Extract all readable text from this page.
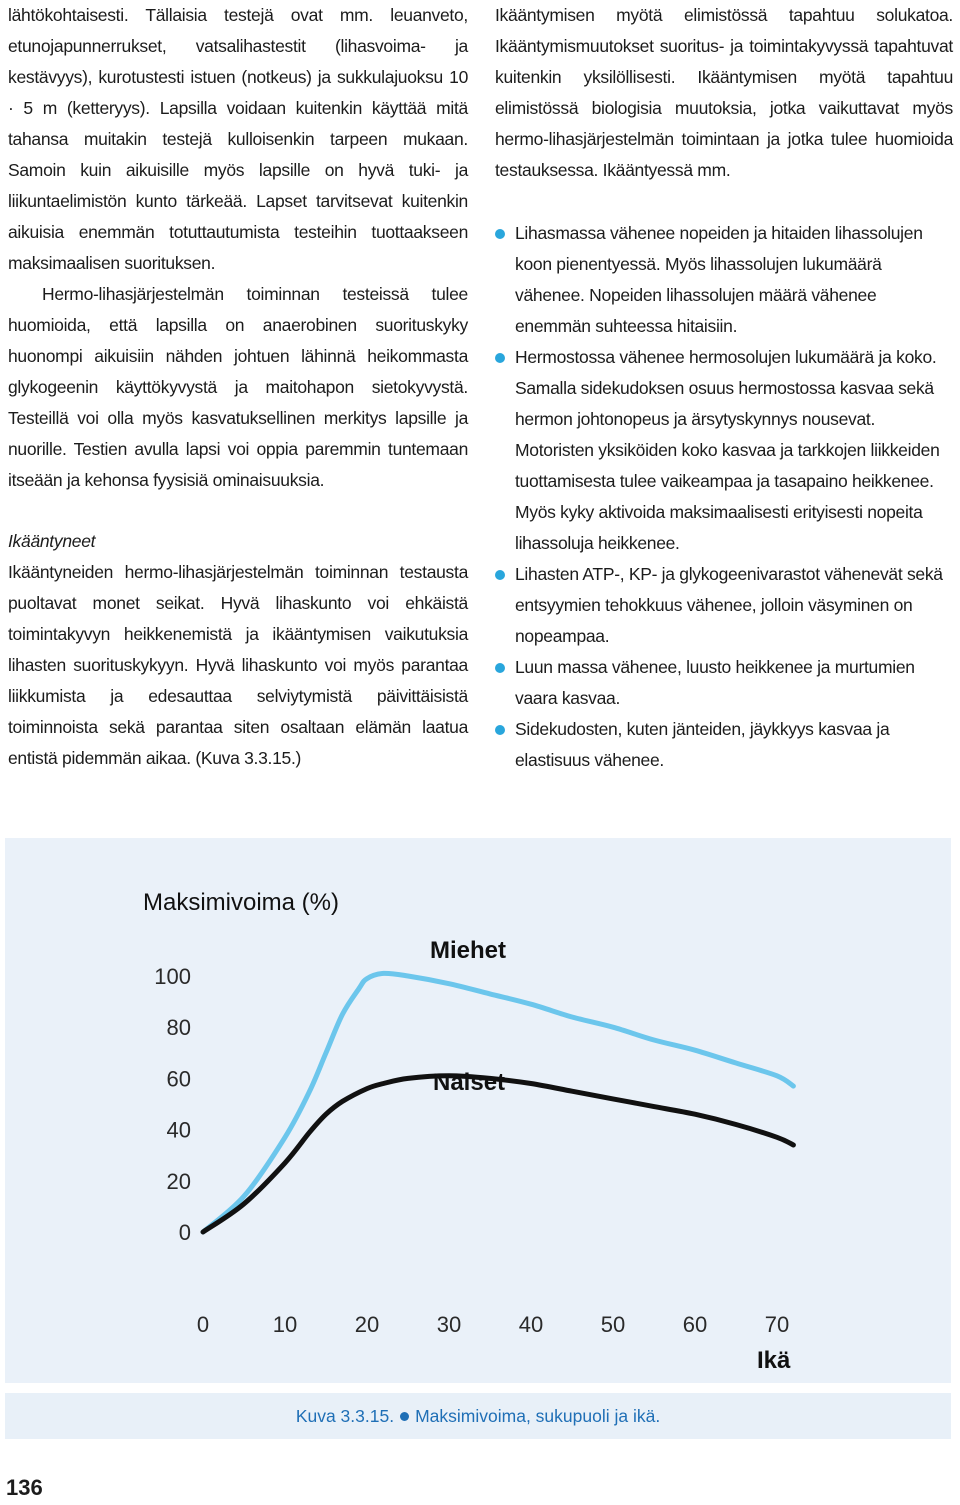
lähtökohtaisesti. Tällaisia testejä ovat mm. leuanveto, etunojapunnerrukset, vatsalihastestit (lihasvoima- ja kestävyys), kurotustesti istuen (notkeus) ja sukkulajuoksu 10 · 5 m (ketteryys). Lapsilla voidaan kuitenkin käyttää mitä tahansa muitakin testejä kulloisenkin tarpeen mukaan. Samoin kuin aikuisille myös lapsille on hyvä tuki- ja liikuntaelimistön kunto tärkeää. Lapset tarvitsevat kuitenkin aikuisia enemmän totuttautumista testeihin tuottaakseen maksimaalisen suorituksen.

Hermo-lihasjärjestelmän toiminnan testeissä tulee huomioida, että lapsilla on anaerobinen suorituskyky huonompi aikuisiin nähden johtuen lähinnä heikommasta glykogeenin käyttökyvystä ja maitohapon sietokyvystä. Testeillä voi olla myös kasvatuksellinen merkitys lapsille ja nuorille. Testien avulla lapsi voi oppia paremmin tuntemaan itseään ja kehonsa fyysisiä ominaisuuksia.

Ikääntyneet

Ikääntyneiden hermo-lihasjärjestelmän toiminnan testausta puoltavat monet seikat. Hyvä lihaskunto voi ehkäistä toimintakyvyn heikkenemistä ja ikääntymisen vaikutuksia lihasten suorituskykyyn. Hyvä lihaskunto voi myös parantaa liikkumista ja edesauttaa selviytymistä päivittäisistä toiminnoista sekä parantaa siten osaltaan elämän laatua entistä pidemmän aikaa. (Kuva 3.3.15.)

Ikääntymisen myötä elimistössä tapahtuu solukatoa. Ikääntymismuutokset suoritus- ja toimintakyvyssä tapahtuvat kuitenkin yksilöllisesti. Ikääntymisen myötä tapahtuu elimistössä biologisia muutoksia, jotka vaikuttavat myös hermo-lihasjärjestelmän toimintaan ja jotka tulee huomioida testauksessa. Ikääntyessä mm.

Lihasmassa vähenee nopeiden ja hitaiden lihassolujen koon pienentyessä. Myös lihassolujen lukumäärä vähenee. Nopeiden lihassolujen määrä vähenee enemmän suhteessa hitaisiin.
Hermostossa vähenee hermosolujen lukumäärä ja koko. Samalla sidekudoksen osuus hermostossa kasvaa sekä hermon johtonopeus ja ärsytyskynnys nousevat. Motoristen yksiköiden koko kasvaa ja tarkkojen liikkeiden tuottamisesta tulee vaikeampaa ja tasapaino heikkenee. Myös kyky aktivoida maksimaalisesti erityisesti nopeita lihassoluja heikkenee.
Lihasten ATP-, KP- ja glykogeenivarastot vähenevät sekä entsyymien tehokkuus vähenee, jolloin väsyminen on nopeampaa.
Luun massa vähenee, luusto heikkenee ja murtumien vaara kasvaa.
Sidekudosten, kuten jänteiden, jäykkyys kasvaa ja elastisuus vähenee.
Maksimivoima (%)
Ikä
0
20
40
60
80
100
0	10	20	30	40	50	60	70
Miehet
Naiset
Kuva 3.3.15. Maksimivoima, sukupuoli ja ikä.
136
